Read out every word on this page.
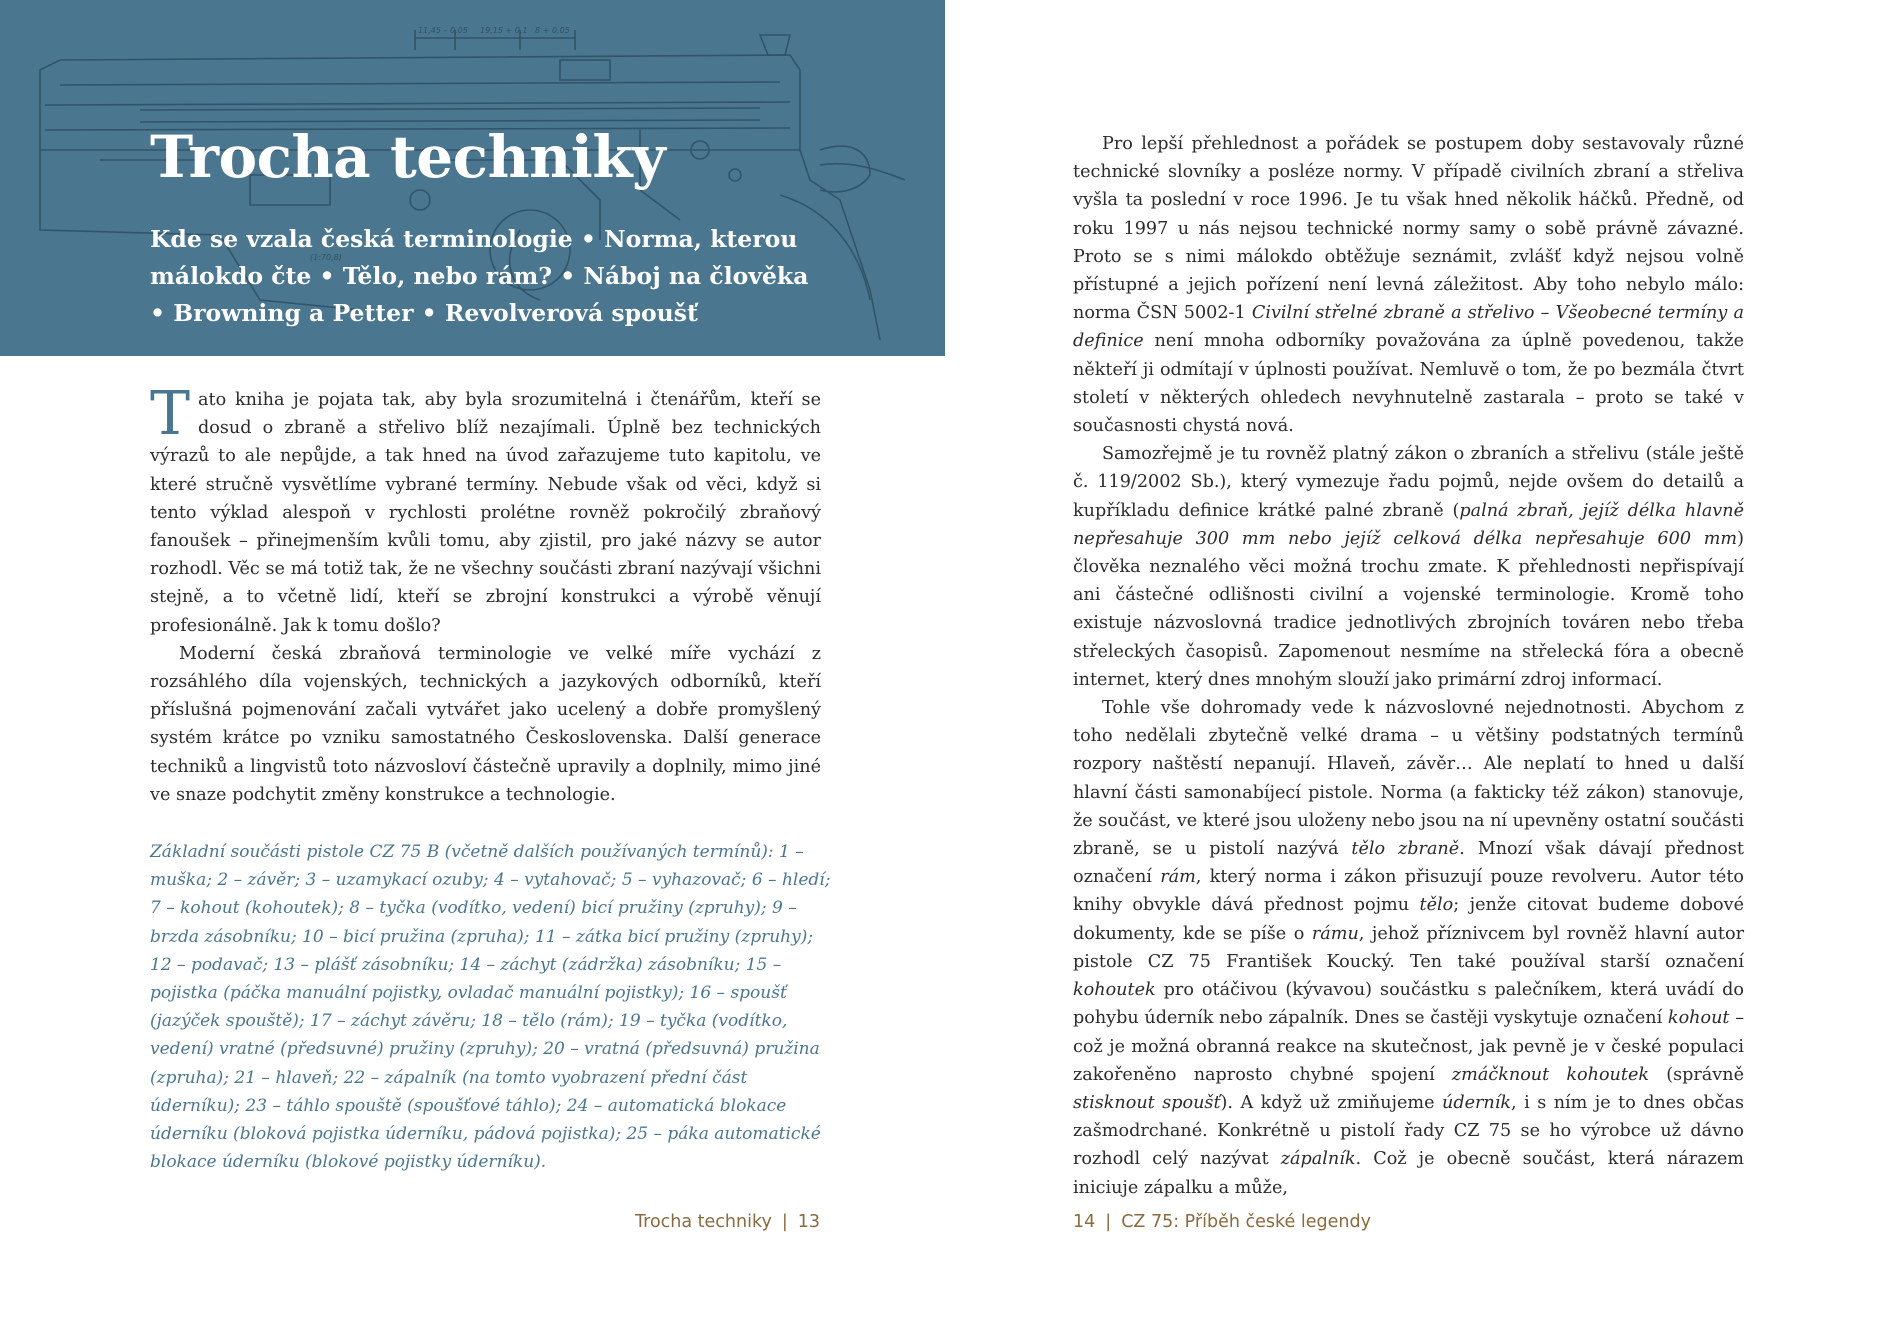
11,45 – 0,05 19,15 + 0,1 8 + 0,05
(1:70,8)
Trocha techniky
Kde se vzala česká terminologie • Norma, kterou málokdo čte • Tělo, nebo rám? • Náboj na člověka • Browning a Petter • Revolverová spoušť

Tato kniha je pojata tak, aby byla srozumitelná i čtenářům, kteří se dosud o zbraně a střelivo blíž nezajímali. Úplně bez technických výrazů to ale nepůjde, a tak hned na úvod zařazujeme tuto kapitolu, ve které stručně vysvětlíme vybrané termíny. Nebude však od věci, když si tento výklad alespoň v rychlosti prolétne rovněž pokročilý zbraňový fanoušek – přinejmenším kvůli tomu, aby zjistil, pro jaké názvy se autor rozhodl. Věc se má totiž tak, že ne všechny součásti zbraní nazývají všichni stejně, a to včetně lidí, kteří se zbrojní konstrukci a výrobě věnují profesionálně. Jak k tomu došlo?

Moderní česká zbraňová terminologie ve velké míře vychází z rozsáhlého díla vojenských, technických a jazykových odborníků, kteří příslušná pojmenování začali vytvářet jako ucelený a dobře promyšlený systém krátce po vzniku samostatného Československa. Další generace techniků a lingvistů toto názvosloví částečně upravily a doplnily, mimo jiné ve snaze podchytit změny konstrukce a technologie.

Základní součásti pistole CZ 75 B (včetně dalších používaných termínů): 1 – muška; 2 – závěr; 3 – uzamykací ozuby; 4 – vytahovač; 5 – vyhazovač; 6 – hledí; 7 – kohout (kohoutek); 8 – tyčka (vodítko, vedení) bicí pružiny (zpruhy); 9 – brzda zásobníku; 10 – bicí pružina (zpruha); 11 – zátka bicí pružiny (zpruhy); 12 – podavač; 13 – plášť zásobníku; 14 – záchyt (zádržka) zásobníku; 15 – pojistka (páčka manuální pojistky, ovladač manuální pojistky); 16 – spoušť (jazýček spouště); 17 – záchyt závěru; 18 – tělo (rám); 19 – tyčka (vodítko, vedení) vratné (předsuvné) pružiny (zpruhy); 20 – vratná (předsuvná) pružina (zpruha); 21 – hlaveň; 22 – zápalník (na tomto vyobrazení přední část úderníku); 23 – táhlo spouště (spoušťové táhlo); 24 – automatická blokace úderníku (bloková pojistka úderníku, pádová pojistka); 25 – páka automatické blokace úderníku (blokové pojistky úderníku).

Trocha techniky | 13

Pro lepší přehlednost a pořádek se postupem doby sestavovaly různé technické slovníky a posléze normy. V případě civilních zbraní a střeliva vyšla ta poslední v roce 1996. Je tu však hned několik háčků. Předně, od roku 1997 u nás nejsou technické normy samy o sobě právně závazné. Proto se s nimi málokdo obtěžuje seznámit, zvlášť když nejsou volně přístupné a jejich pořízení není levná záležitost. Aby toho nebylo málo: norma ČSN 5002-1 Civilní střelné zbraně a střelivo – Všeobecné termíny a definice není mnoha odborníky považována za úplně povedenou, takže někteří ji odmítají v úplnosti používat. Nemluvě o tom, že po bezmála čtvrt století v některých ohledech nevyhnutelně zastarala – proto se také v současnosti chystá nová.

Samozřejmě je tu rovněž platný zákon o zbraních a střelivu (stále ještě č. 119/2002 Sb.), který vymezuje řadu pojmů, nejde ovšem do detailů a kupříkladu definice krátké palné zbraně (palná zbraň, jejíž délka hlavně nepřesahuje 300 mm nebo jejíž celková délka nepřesahuje 600 mm) člověka neznalého věci možná trochu zmate. K přehlednosti nepřispívají ani částečné odlišnosti civilní a vojenské terminologie. Kromě toho existuje názvoslovná tradice jednotlivých zbrojních továren nebo třeba střeleckých časopisů. Zapomenout nesmíme na střelecká fóra a obecně internet, který dnes mnohým slouží jako primární zdroj informací.

Tohle vše dohromady vede k názvoslovné nejednotnosti. Abychom z toho nedělali zbytečně velké drama – u většiny podstatných termínů rozpory naštěstí nepanují. Hlaveň, závěr… Ale neplatí to hned u další hlavní části samonabíjecí pistole. Norma (a fakticky též zákon) stanovuje, že součást, ve které jsou uloženy nebo jsou na ní upevněny ostatní součásti zbraně, se u pistolí nazývá tělo zbraně. Mnozí však dávají přednost označení rám, který norma i zákon přisuzují pouze revolveru. Autor této knihy obvykle dává přednost pojmu tělo; jenže citovat budeme dobové dokumenty, kde se píše o rámu, jehož příznivcem byl rovněž hlavní autor pistole CZ 75 František Koucký. Ten také používal starší označení kohoutek pro otáčivou (kývavou) součástku s palečníkem, která uvádí do pohybu úderník nebo zápalník. Dnes se častěji vyskytuje označení kohout – což je možná obranná reakce na skutečnost, jak pevně je v české populaci zakořeněno naprosto chybné spojení zmáčknout kohoutek (správně stisknout spoušť). A když už zmiňujeme úderník, i s ním je to dnes občas zašmodrchané. Konkrétně u pistolí řady CZ 75 se ho výrobce už dávno rozhodl celý nazývat zápalník. Což je obecně součást, která nárazem iniciuje zápalku a může,

14 | CZ 75: Příběh české legendy
